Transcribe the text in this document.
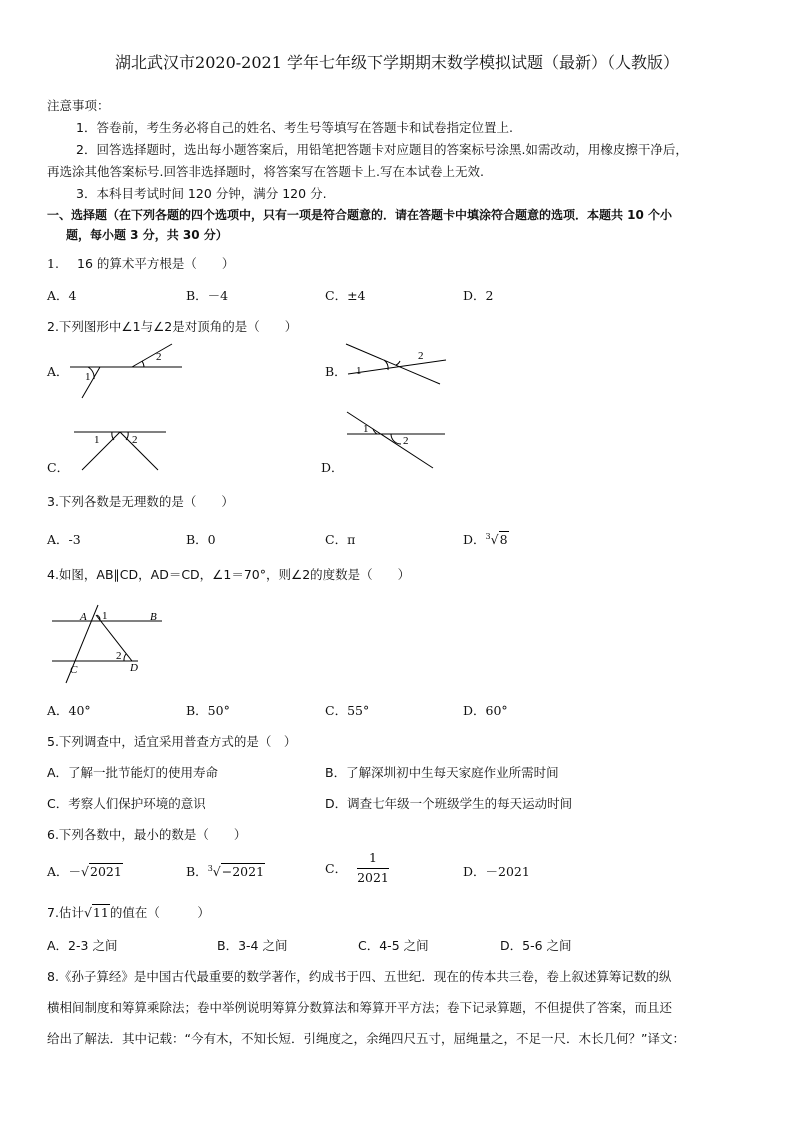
湖北武汉市2020-2021 学年七年级下学期期末数学模拟试题（最新）（人教版）
注意事项：
1．答卷前，考生务必将自己的姓名、考生号等填写在答题卡和试卷指定位置上.
2．回答选择题时，选出每小题答案后，用铅笔把答题卡对应题目的答案标号涂黑.如需改动，用橡皮擦干净后，
再选涂其他答案标号.回答非选择题时，将答案写在答题卡上.写在本试卷上无效.
3．本科目考试时间 120 分钟，满分 120 分.
一、选择题（在下列各题的四个选项中，只有一项是符合题意的．请在答题卡中填涂符合题意的选项．本题共 10 个小
题，每小题 3 分，共 30 分）
1. 16 的算术平方根是（　　）
A．4	B．－4	C．±4	D．2
2.下列图形中∠1与∠2是对顶角的是（　　）
A． 1
2
B． 1
2
C．
1	2
D．
1
2
3.下列各数是无理数的是（　　）
A．-3	B．0	C．π	D．$^3$√8
4.如图，AB∥CD，AD＝CD，∠1＝70°，则∠2的度数是（　　）
A	B
C	D
1
2
A．40°	B．50°	C．55°	D．60°
5.下列调查中，适宜采用普查方式的是（　）
A．了解一批节能灯的使用寿命	B．了解深圳初中生每天家庭作业所需时间
C．考察人们保护环境的意识	D．调查七年级一个班级学生的每天运动时间
6.下列各数中，最小的数是（　　）
A．－√2021	B．$^3$√−2021	C． $\frac{1}{2021}$	D．－2021
7.估计√11的值在（　　　）
A．2-3 之间	B．3-4 之间	C．4-5 之间	D．5-6 之间
8.《孙子算经》是中国古代最重要的数学著作，约成书于四、五世纪．现在的传本共三卷，卷上叙述算筹记数的纵
横相间制度和筹算乘除法；卷中举例说明筹算分数算法和筹算开平方法；卷下记录算题，不但提供了答案，而且还
给出了解法．其中记载：“今有木，不知长短．引绳度之，余绳四尺五寸，屈绳量之，不足一尺．木长几何？”译文：
